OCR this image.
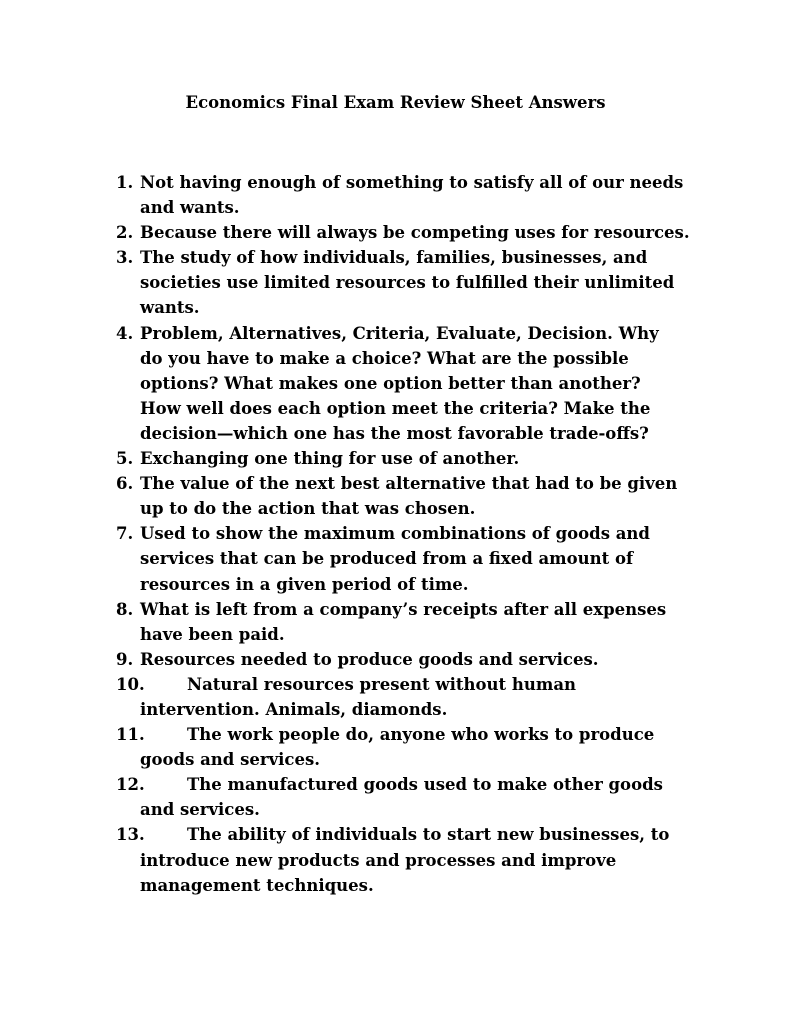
Economics Final Exam Review Sheet Answers
1. Not having enough of something to satisfy all of our needs
and wants.
2. Because there will always be competing uses for resources.
3. The study of how individuals, families, businesses, and
societies use limited resources to fulfilled their unlimited
wants.
4. Problem, Alternatives, Criteria, Evaluate, Decision. Why
do you have to make a choice? What are the possible
options? What makes one option better than another?
How well does each option meet the criteria? Make the
decision—which one has the most favorable trade-offs?
5. Exchanging one thing for use of another.
6. The value of the next best alternative that had to be given
up to do the action that was chosen.
7. Used to show the maximum combinations of goods and
services that can be produced from a fixed amount of
resources in a given period of time.
8. What is left from a company’s receipts after all expenses
have been paid.
9. Resources needed to produce goods and services.
10.	Natural resources present without human
intervention. Animals, diamonds.
11.	The work people do, anyone who works to produce
goods and services.
12.	The manufactured goods used to make other goods
and services.
13.	The ability of individuals to start new businesses, to
introduce new products and processes and improve
management techniques.
